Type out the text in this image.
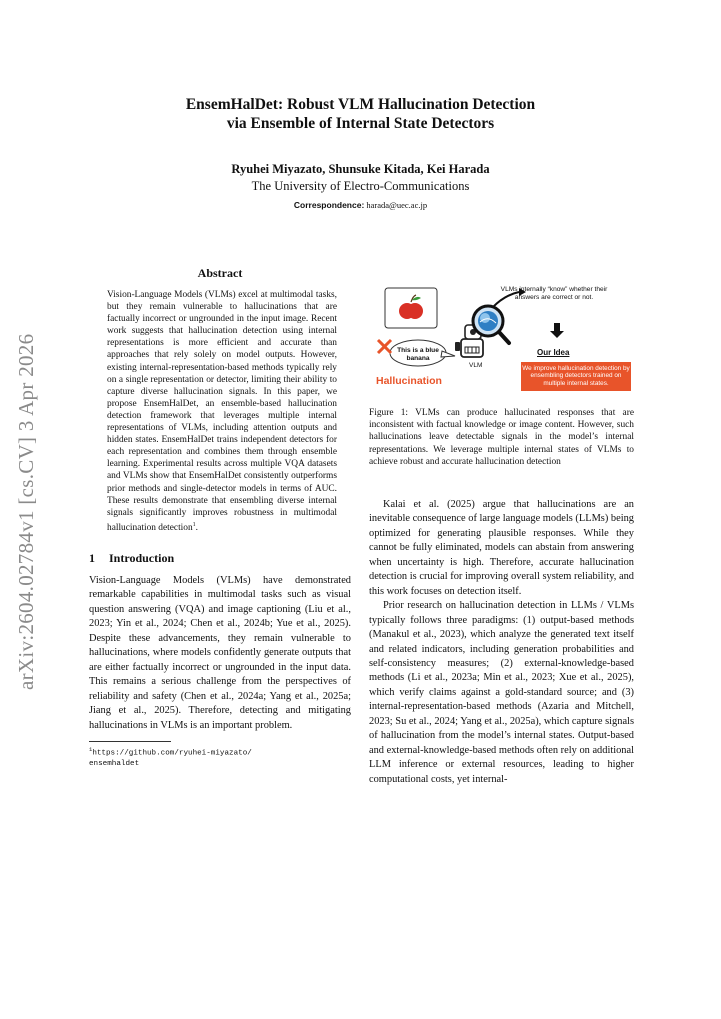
arXiv:2604.02784v1 [cs.CV] 3 Apr 2026
EnsemHalDet: Robust VLM Hallucination Detection
via Ensemble of Internal State Detectors
Ryuhei Miyazato, Shunsuke Kitada, Kei Harada
The University of Electro-Communications
Correspondence: harada@uec.ac.jp
Abstract
Vision-Language Models (VLMs) excel at multimodal tasks, but they remain vulnerable to hallucinations that are factually incorrect or ungrounded in the input image. Recent work suggests that hallucination detection using internal representations is more efficient and accurate than approaches that rely solely on model outputs. However, existing internal-representation-based methods typically rely on a single representation or detector, limiting their ability to capture diverse hallucination signals. In this paper, we propose EnsemHalDet, an ensemble-based hallucination detection framework that leverages multiple internal representations of VLMs, including attention outputs and hidden states. EnsemHalDet trains independent detectors for each representation and combines them through ensemble learning. Experimental results across multiple VQA datasets and VLMs show that EnsemHalDet consistently outperforms prior methods and single-detector models in terms of AUC. These results demonstrate that ensembling diverse internal signals significantly improves robustness in multimodal hallucination detection$^1$.
1 Introduction

Vision-Language Models (VLMs) have demonstrated remarkable capabilities in multimodal tasks such as visual question answering (VQA) and image captioning (Liu et al., 2023; Yin et al., 2024; Chen et al., 2024b; Yue et al., 2025). Despite these advancements, they remain vulnerable to hallucinations, where models confidently generate outputs that are either factually incorrect or ungrounded in the input data. This remains a serious challenge from the perspectives of reliability and safety (Chen et al., 2024a; Yang et al., 2025a; Jiang et al., 2025). Therefore, detecting and mitigating hallucinations in VLMs is an important problem.

$^1$https://github.com/ryuhei-miyazato/
ensemhaldet
VLMs internally “know” whether their answers are correct or not.
This is a blue banana
VLM
Our Idea
We improve hallucination detection by ensembling detectors trained on multiple internal states.
Hallucination
Figure 1: VLMs can produce hallucinated responses that are inconsistent with factual knowledge or image content. However, such hallucinations leave detectable signals in the model’s internal representations. We leverage multiple internal states of VLMs to achieve robust and accurate hallucination detection

Kalai et al. (2025) argue that hallucinations are an inevitable consequence of large language models (LLMs) being optimized for generating plausible responses. While they cannot be fully eliminated, models can abstain from answering when uncertainty is high. Therefore, accurate hallucination detection is crucial for improving overall system reliability, and this work focuses on detection itself.

Prior research on hallucination detection in LLMs / VLMs typically follows three paradigms: (1) output-based methods (Manakul et al., 2023), which analyze the generated text itself and related indicators, including generation probabilities and self-consistency measures; (2) external-knowledge-based methods (Li et al., 2023a; Min et al., 2023; Xue et al., 2025), which verify claims against a gold-standard source; and (3) internal-representation-based methods (Azaria and Mitchell, 2023; Su et al., 2024; Yang et al., 2025a), which capture signals of hallucination from the model’s internal states. Output-based and external-knowledge-based methods often rely on additional LLM inference or external resources, leading to higher computational costs, yet internal-
